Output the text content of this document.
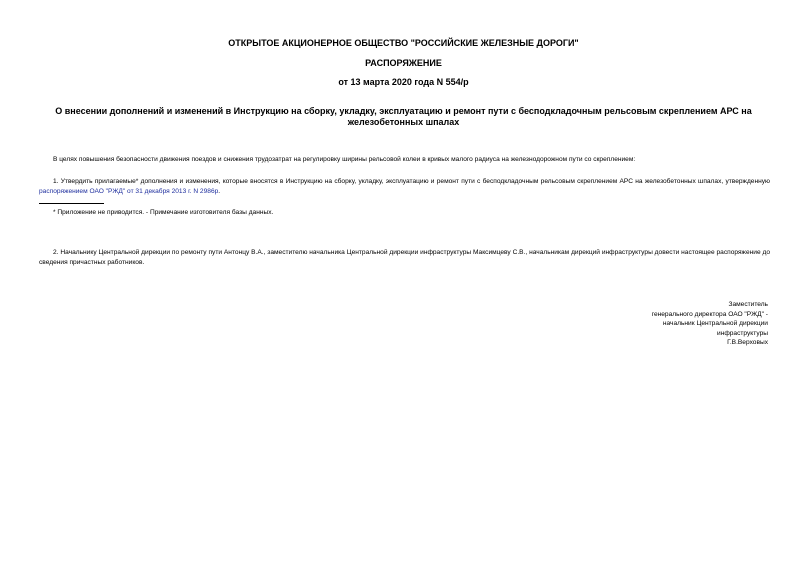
ОТКРЫТОЕ АКЦИОНЕРНОЕ ОБЩЕСТВО "РОССИЙСКИЕ ЖЕЛЕЗНЫЕ ДОРОГИ"
РАСПОРЯЖЕНИЕ
от 13 марта 2020 года N 554/р
О внесении дополнений и изменений в Инструкцию на сборку, укладку, эксплуатацию и ремонт пути с бесподкладочным рельсовым скреплением АРС на железобетонных шпалах
В целях повышения безопасности движения поездов и снижения трудозатрат на регулировку ширины рельсовой колеи в кривых малого радиуса на железнодорожном пути со скреплением:
1. Утвердить прилагаемые* дополнения и изменения, которые вносятся в Инструкцию на сборку, укладку, эксплуатацию и ремонт пути с бесподкладочным рельсовым скреплением АРС на железобетонных шпалах, утвержденную распоряжением ОАО "РЖД" от 31 декабря 2013 г. N 2986р.
* Приложение не приводится. - Примечание изготовителя базы данных.
2. Начальнику Центральной дирекции по ремонту пути Антонцу В.А., заместителю начальника Центральной дирекции инфраструктуры Максимцеву С.В., начальникам дирекций инфраструктуры довести настоящее распоряжение до сведения причастных работников.
Заместитель
генерального директора ОАО "РЖД" -
начальник Центральной дирекции
инфраструктуры
Г.В.Верховых
